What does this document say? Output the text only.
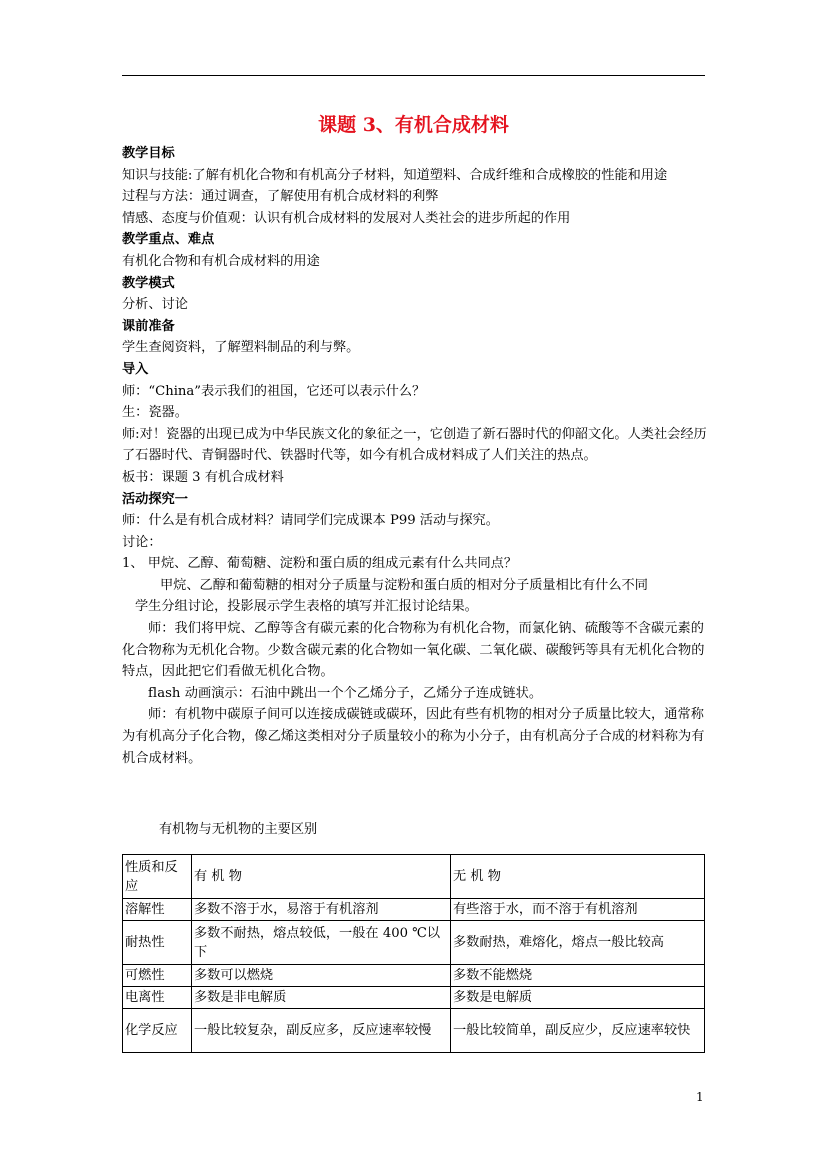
课题 3、有机合成材料

教学目标

知识与技能: 了解有机化合物和有机高分子材料，知道塑料、合成纤维和合成橡胶的性能和用途

过程与方法：通过调查，了解使用有机合成材料的利弊

情感、态度与价值观：认识有机合成材料的发展对人类社会的进步所起的作用

教学重点、难点

有机化合物和有机合成材料的用途

教学模式

分析、讨论

课前准备

学生查阅资料，了解塑料制品的利与弊。

导入

师：“China”表示我们的祖国，它还可以表示什么？

生：瓷器。

师:对！瓷器的出现已成为中华民族文化的象征之一，它创造了新石器时代的仰韶文化。人类社会经历了石器时代、青铜器时代、铁器时代等，如今有机合成材料成了人们关注的热点。

板书：课题 3 有机合成材料

活动探究一

师：什么是有机合成材料？请同学们完成课本 P99 活动与探究。

讨论：

1、 甲烷、乙醇、葡萄糖、淀粉和蛋白质的组成元素有什么共同点？

甲烷、乙醇和葡萄糖的相对分子质量与淀粉和蛋白质的相对分子质量相比有什么不同

学生分组讨论，投影展示学生表格的填写并汇报讨论结果。

师：我们将甲烷、乙醇等含有碳元素的化合物称为有机化合物，而氯化钠、硫酸等不含碳元素的化合物称为无机化合物。少数含碳元素的化合物如一氧化碳、二氧化碳、碳酸钙等具有无机化合物的特点，因此把它们看做无机化合物。

flash 动画演示：石油中跳出一个个乙烯分子，乙烯分子连成链状。

师：有机物中碳原子间可以连接成碳链或碳环，因此有些有机物的相对分子质量比较大，通常称为有机高分子化合物，像乙烯这类相对分子质量较小的称为小分子，由有机高分子合成的材料称为有机合成材料。

有机物与无机物的主要区别
性质和反应	有 机 物	无 机 物
溶解性	多数不溶于水，易溶于有机溶剂	有些溶于水，而不溶于有机溶剂
耐热性	多数不耐热，熔点较低，一般在 400 ℃以下	多数耐热，难熔化，熔点一般比较高
可燃性	多数可以燃烧	多数不能燃烧
电离性	多数是非电解质	多数是电解质
化学反应	一般比较复杂，副反应多，反应速率较慢	一般比较简单，副反应少，反应速率较快
1
